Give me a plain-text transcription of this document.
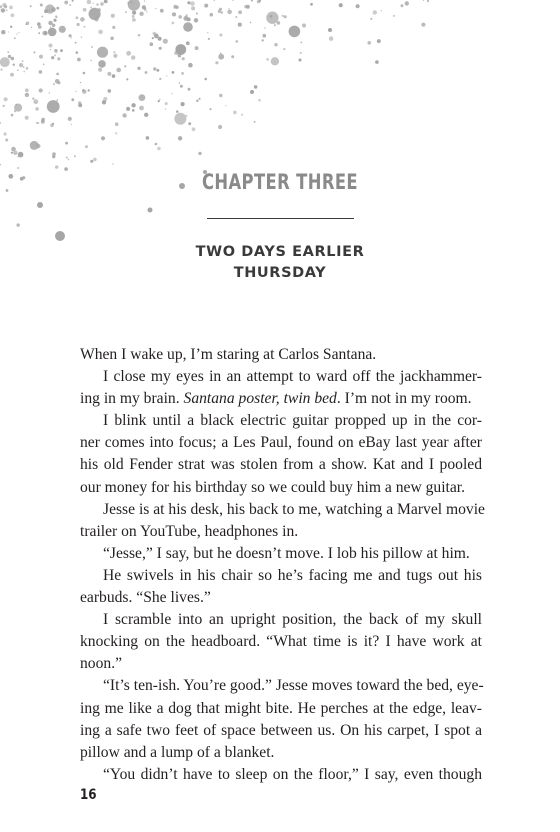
CHAPTER THREE
TWO DAYS EARLIER
THURSDAY
When I wake up, I’m staring at Carlos Santana.
I close my eyes in an attempt to ward off the jackhammer-
ing in my brain. Santana poster, twin bed. I’m not in my room.
I blink until a black electric guitar propped up in the cor-
ner comes into focus; a Les Paul, found on eBay last year after
his old Fender strat was stolen from a show. Kat and I pooled
our money for his birthday so we could buy him a new guitar.
Jesse is at his desk, his back to me, watching a Marvel movie
trailer on YouTube, headphones in.
“Jesse,” I say, but he doesn’t move. I lob his pillow at him.
He swivels in his chair so he’s facing me and tugs out his
earbuds. “She lives.”
I scramble into an upright position, the back of my skull
knocking on the headboard. “What time is it? I have work at
noon.”
“It’s ten-ish. You’re good.” Jesse moves toward the bed, eye-
ing me like a dog that might bite. He perches at the edge, leav-
ing a safe two feet of space between us. On his carpet, I spot a
pillow and a lump of a blanket.
“You didn’t have to sleep on the floor,” I say, even though
16
